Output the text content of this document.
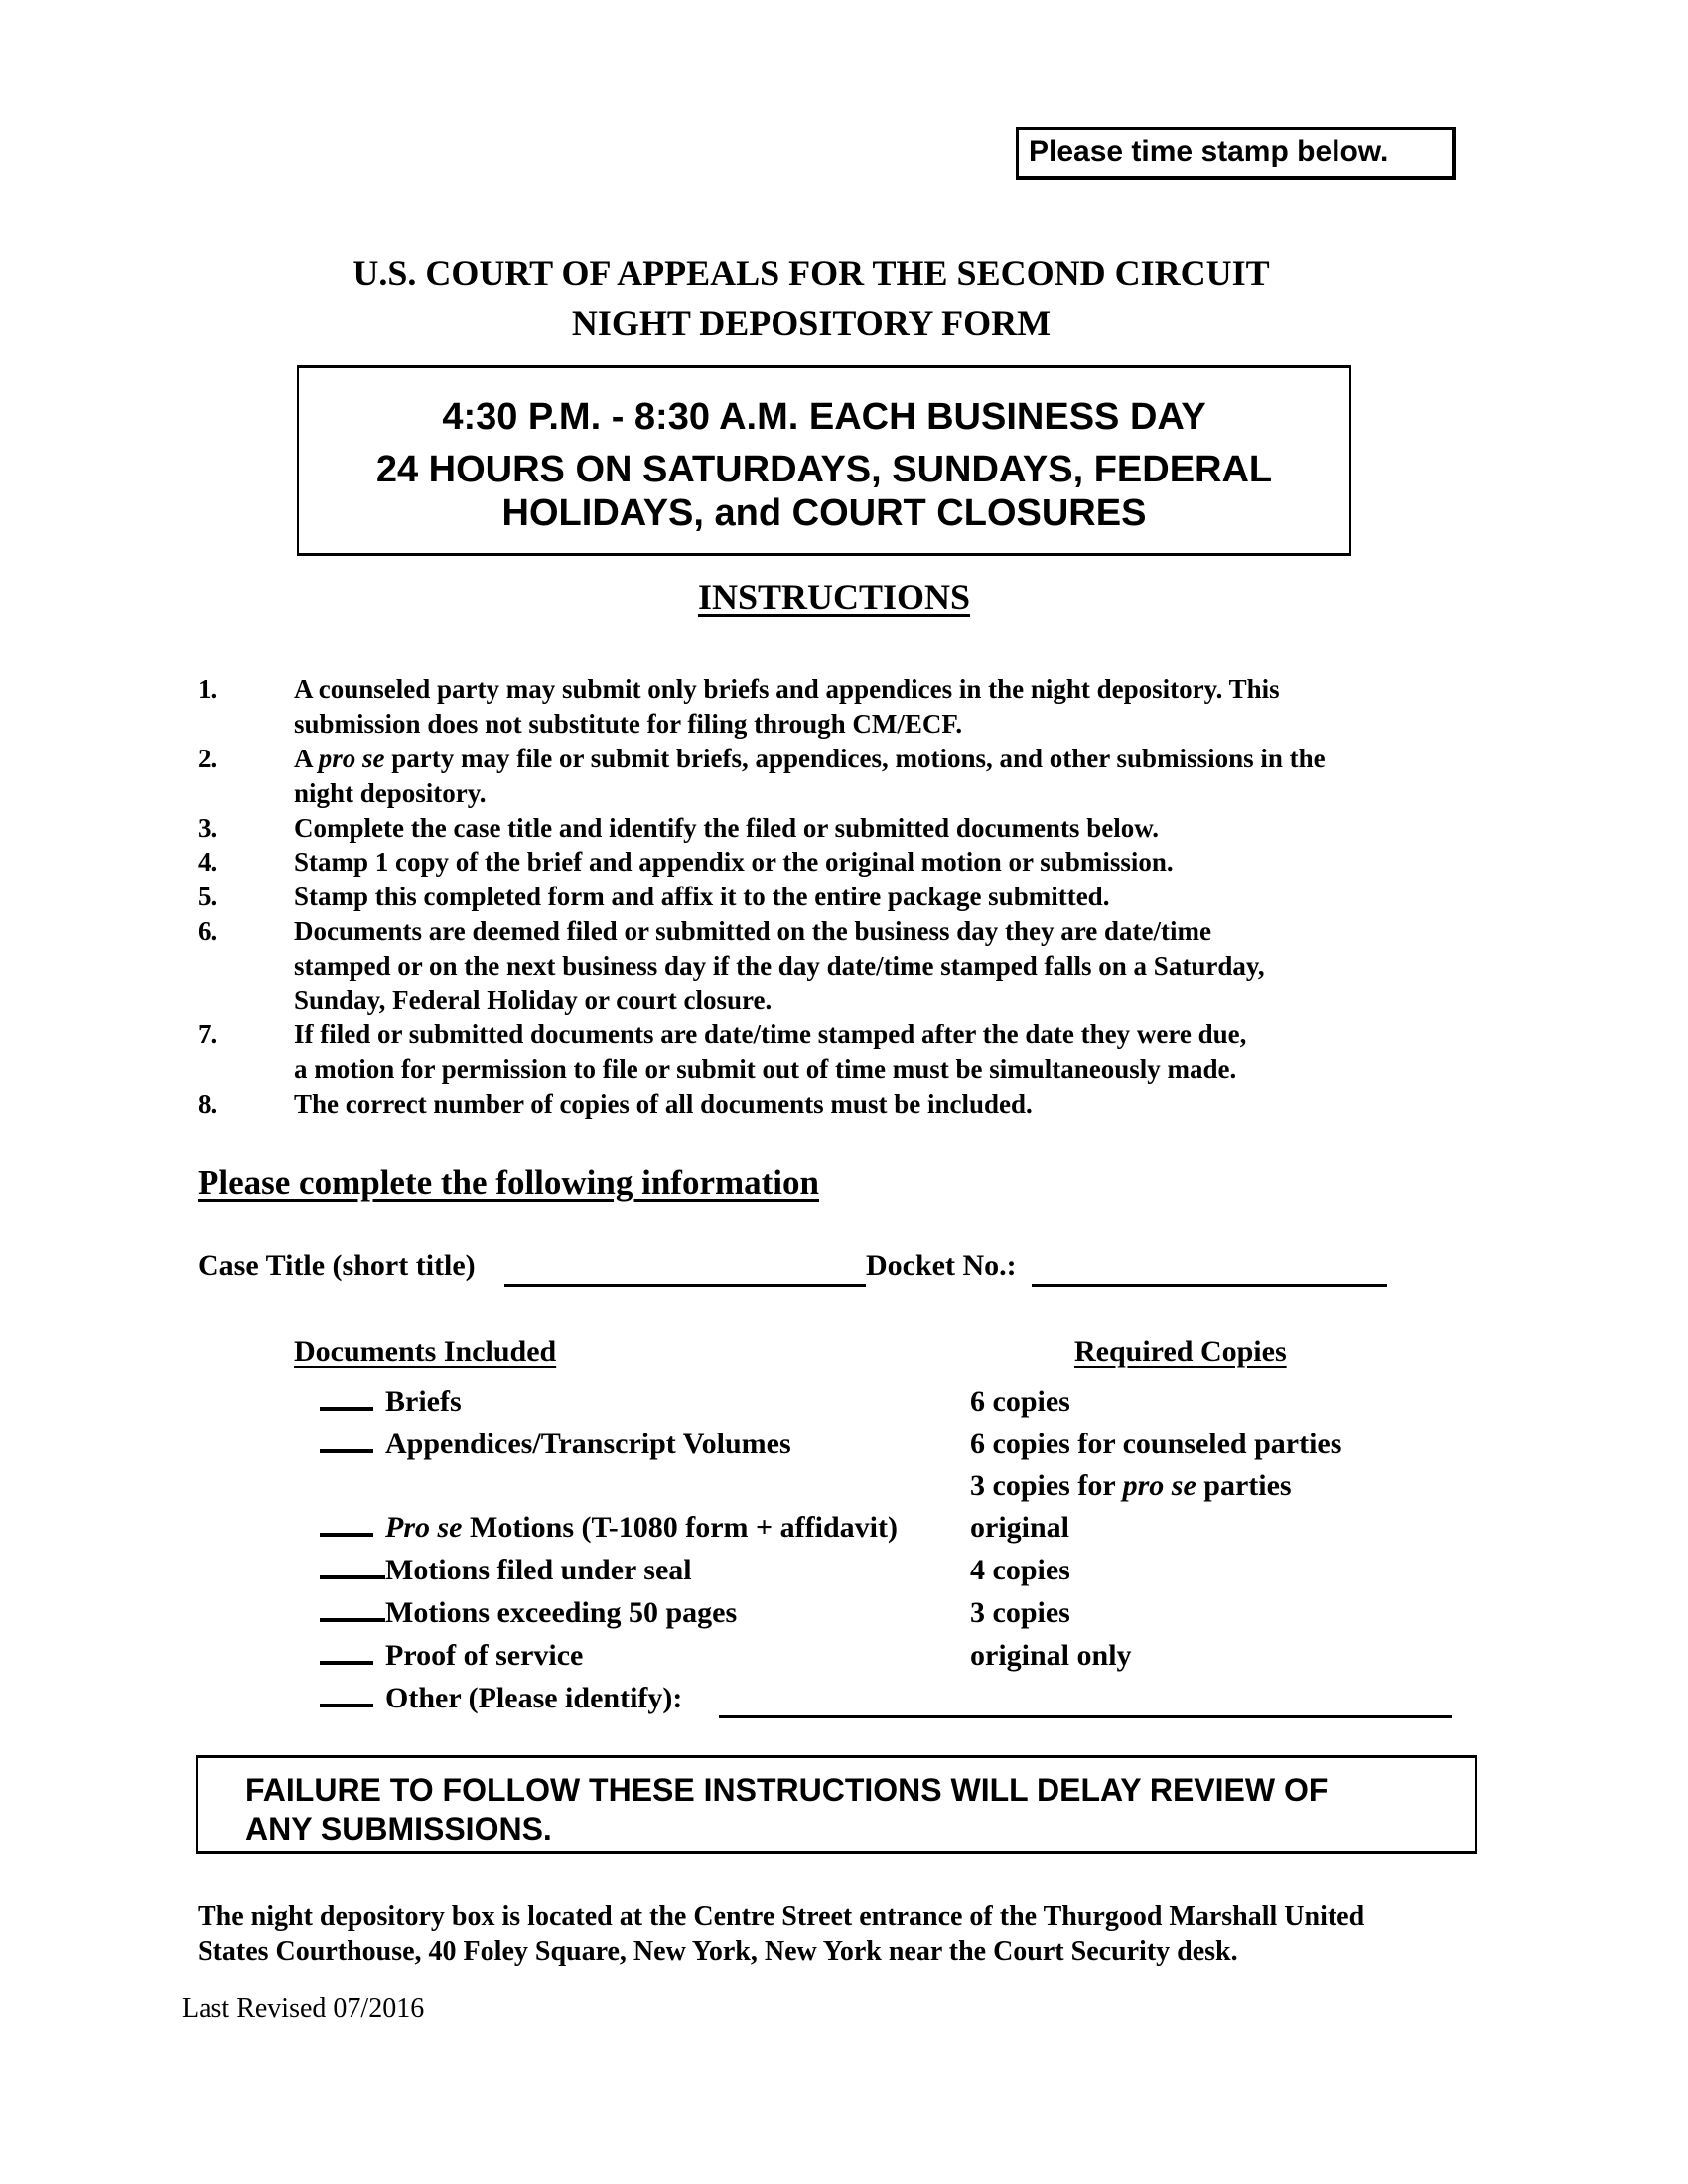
Please time stamp below.
U.S. COURT OF APPEALS FOR THE SECOND CIRCUIT
NIGHT DEPOSITORY FORM
4:30 P.M. - 8:30 A.M. EACH BUSINESS DAY
24 HOURS ON SATURDAYS, SUNDAYS, FEDERAL
HOLIDAYS, and COURT CLOSURES
INSTRUCTIONS
1.	A counseled party may submit only briefs and appendices in the night depository. This
submission does not substitute for filing through CM/ECF.
2.	A pro se party may file or submit briefs, appendices, motions, and other submissions in the
night depository.
3.	Complete the case title and identify the filed or submitted documents below.
4.	Stamp 1 copy of the brief and appendix or the original motion or submission.
5.	Stamp this completed form and affix it to the entire package submitted.
6.	Documents are deemed filed or submitted on the business day they are date/time
stamped or on the next business day if the day date/time stamped falls on a Saturday,
Sunday, Federal Holiday or court closure.
7.	If filed or submitted documents are date/time stamped after the date they were due,
a motion for permission to file or submit out of time must be simultaneously made.
8.	The correct number of copies of all documents must be included.
Please complete the following information
Case Title (short title)	Docket No.:
Documents Included	Required Copies
Briefs	6 copies
Appendices/Transcript Volumes	6 copies for counseled parties
3 copies for pro se parties
Pro se Motions (T-1080 form + affidavit) original
Motions filed under seal	4 copies
Motions exceeding 50 pages	3 copies
Proof of service	original only
Other (Please identify):
FAILURE TO FOLLOW THESE INSTRUCTIONS WILL DELAY REVIEW OF
ANY SUBMISSIONS.
The night depository box is located at the Centre Street entrance of the Thurgood Marshall United
States Courthouse, 40 Foley Square, New York, New York near the Court Security desk.
Last Revised 07/2016
